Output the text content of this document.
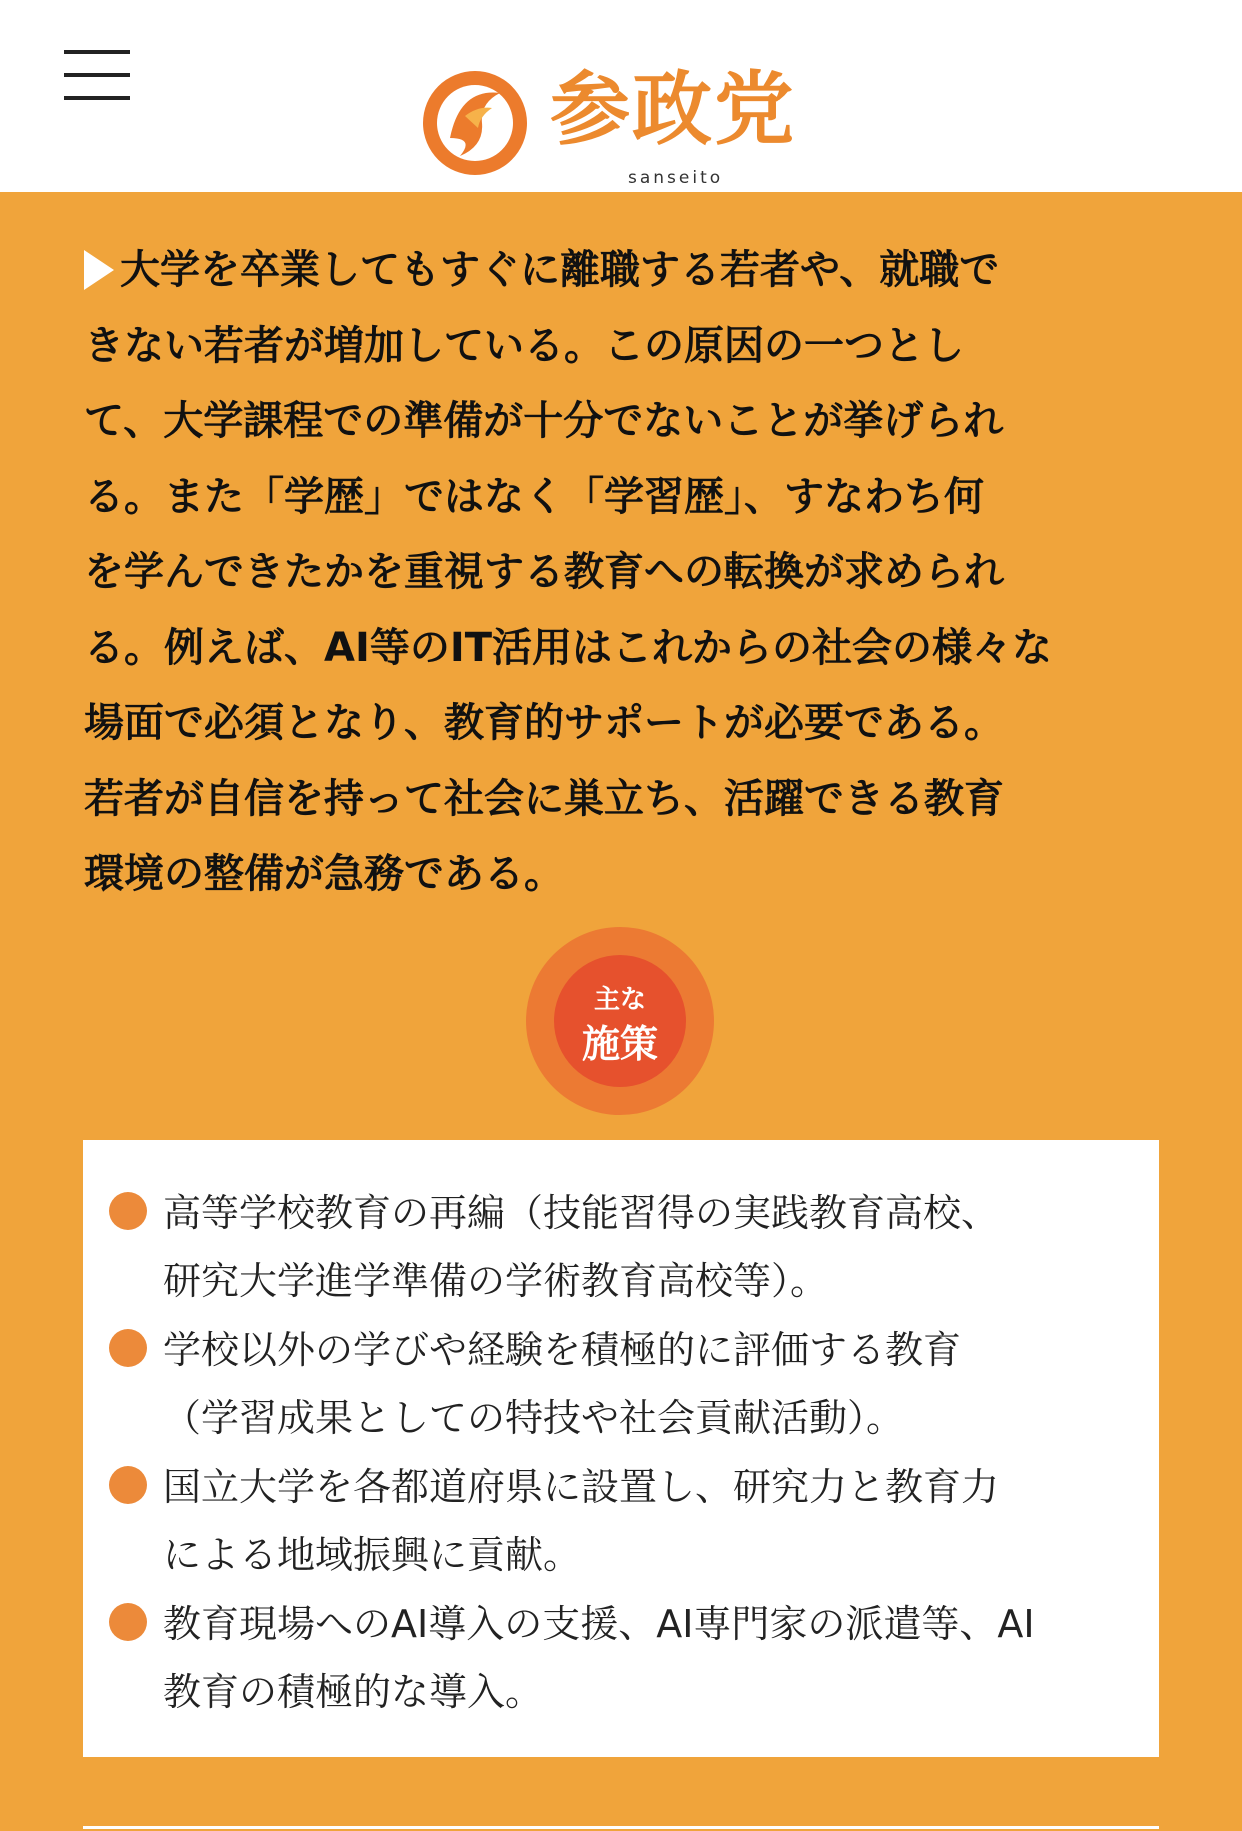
参政党
sanseito
大学を卒業してもすぐに離職する若者や、就職で
きない若者が増加している。この原因の一つとし
て、大学課程での準備が十分でないことが挙げられ
る。また「学歴」ではなく「学習歴」、すなわち何
を学んできたかを重視する教育への転換が求められ
る。例えば、AI等のIT活用はこれからの社会の様々な
場面で必須となり、教育的サポートが必要である。
若者が自信を持って社会に巣立ち、活躍できる教育
環境の整備が急務である。
主な
施策
高等学校教育の再編（技能習得の実践教育高校、
研究大学進学準備の学術教育高校等）。
学校以外の学びや経験を積極的に評価する教育
（学習成果としての特技や社会貢献活動）。
国立大学を各都道府県に設置し、研究力と教育力
による地域振興に貢献。
教育現場へのAI導入の支援、AI専門家の派遣等、AI
教育の積極的な導入。
